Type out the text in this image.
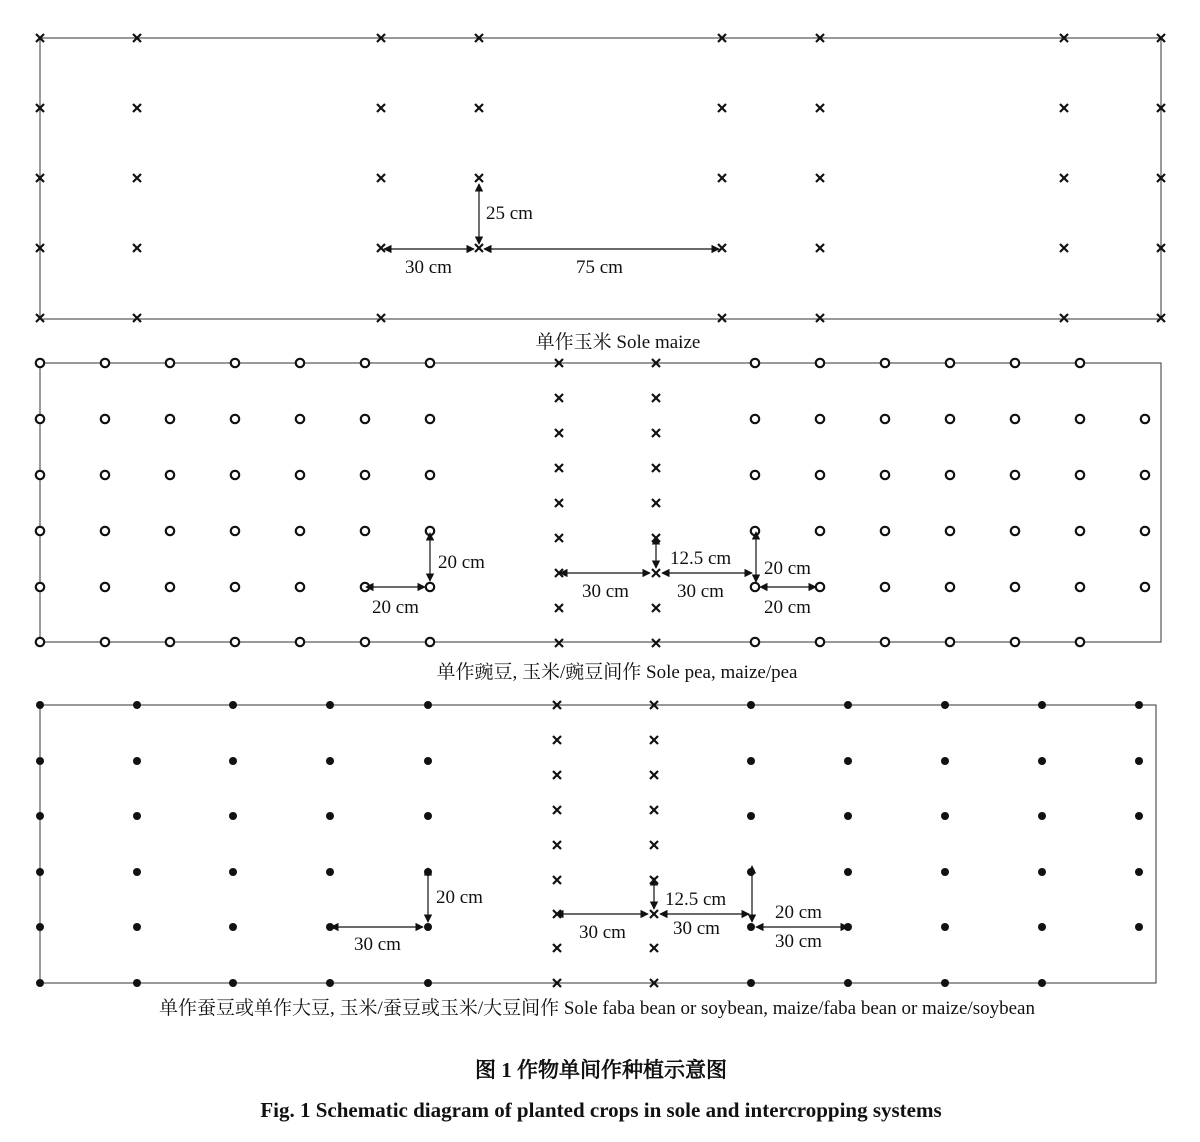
25 cm
30 cm	75 cm
单作玉米 Sole maize
20 cm
20 cm
30 cm
12.5 cm
30 cm
20 cm
20 cm
单作豌豆, 玉米/豌豆间作 Sole pea, maize/pea
20 cm
30 cm
30 cm
12.5 cm
30 cm
20 cm
30 cm
单作蚕豆或单作大豆, 玉米/蚕豆或玉米/大豆间作 Sole faba bean or soybean, maize/faba bean or maize/soybean
图 1 作物单间作种植示意图
Fig. 1 Schematic diagram of planted crops in sole and intercropping systems
